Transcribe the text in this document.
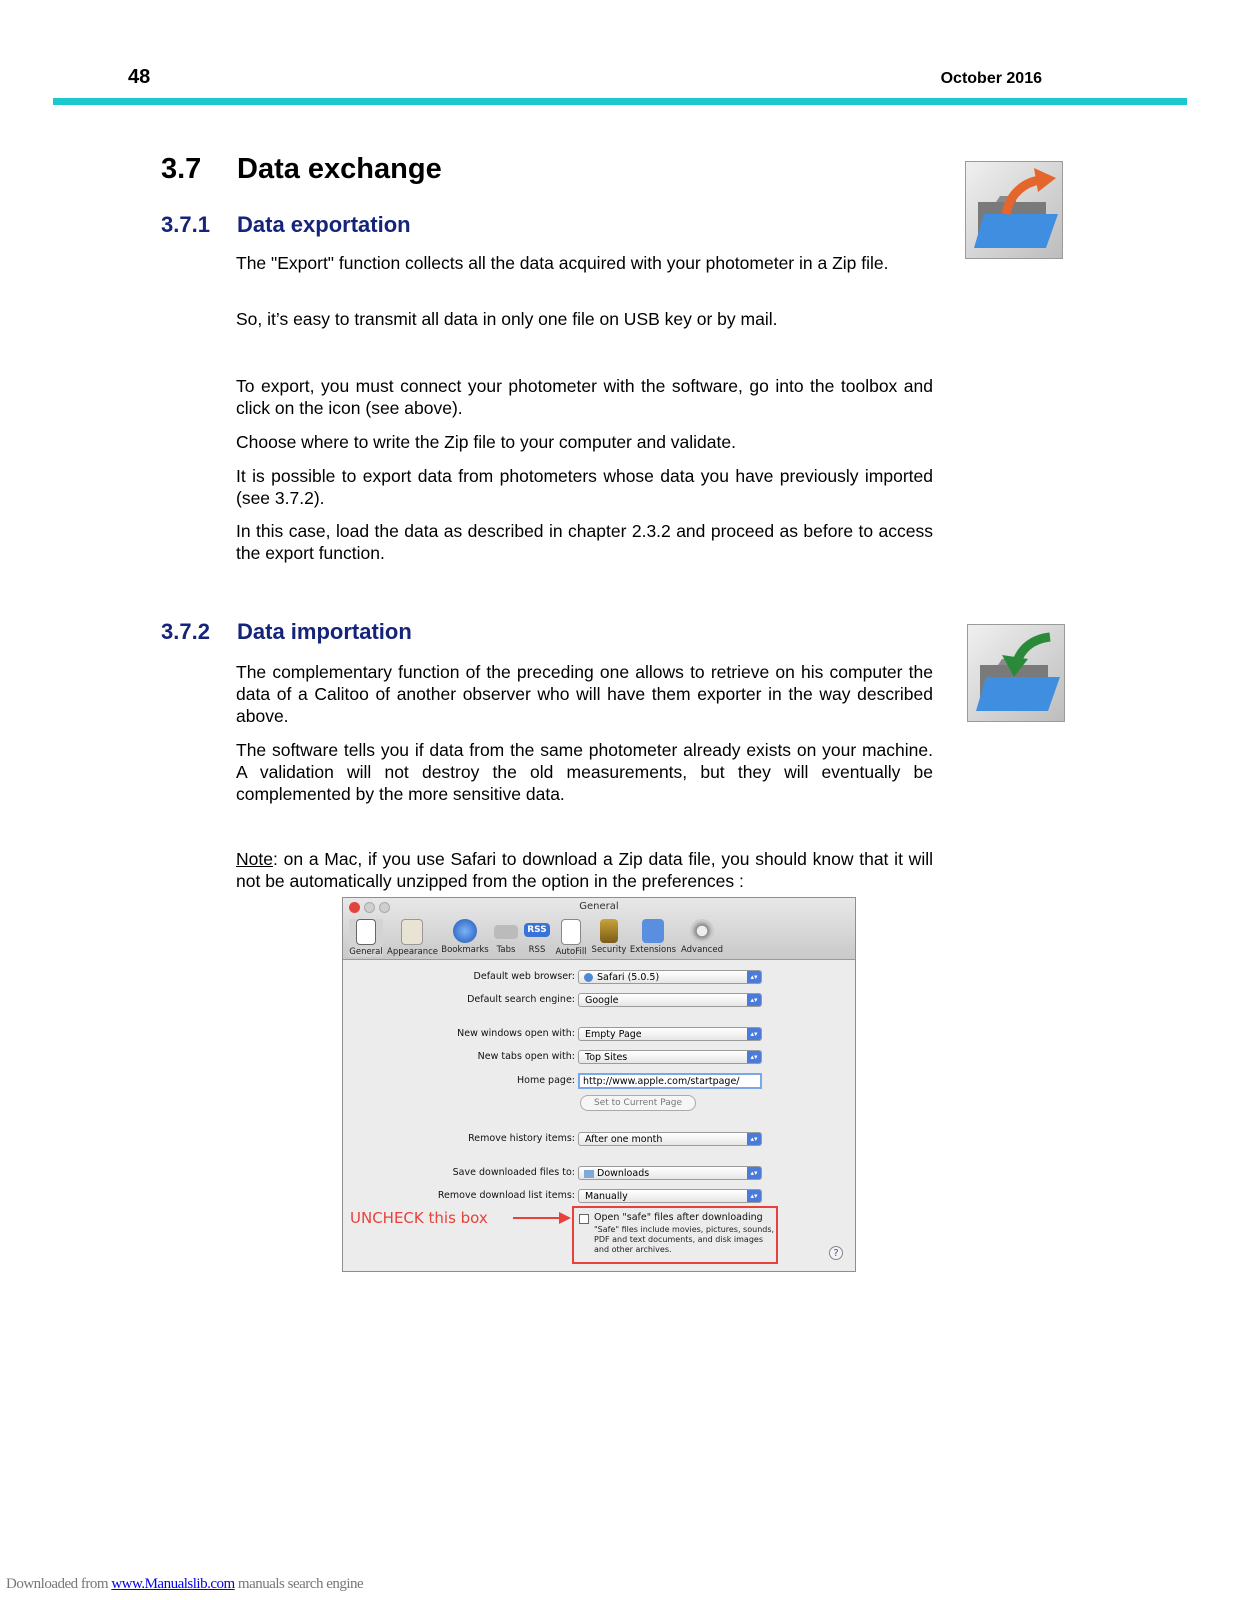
48	October 2016
3.7 Data exchange
3.7.1 Data exportation

The "Export" function collects all the data acquired with your photometer in a Zip file.

So, it’s easy to transmit all data in only one file on USB key or by mail.

To export, you must connect your photometer with the software, go into the toolbox and click on the icon (see above).

Choose where to write the Zip file to your computer and validate.

It is possible to export data from photometers whose data you have previously imported (see 3.7.2).

In this case, load the data as described in chapter 2.3.2 and proceed as before to access the export function.

3.7.2 Data importation

The complementary function of the preceding one allows to retrieve on his computer the data of a Calitoo of another observer who will have them exporter in the way described above.

The software tells you if data from the same photometer already exists on your machine. A validation will not destroy the old measurements, but they will eventually be complemented by the more sensitive data.

Note: on a Mac, if you use Safari to download a Zip data file, you should know that it will not be automatically unzipped from the option in the preferences :

General
General Appearance Bookmarks Tabs
RSS
RSS	AutoFill Security Extensions Advanced
Default web browser:	Safari (5.0.5)	▴▾
Default search engine:	Google	▴▾
New windows open with:	Empty Page	▴▾
New tabs open with:	Top Sites	▴▾
Home page: http://www.apple.com/startpage/
Set to Current Page
Remove history items:	After one month	▴▾
Save downloaded files to:	Downloads	▴▾
Remove download list items:	Manually	▴▾
Open "safe" files after downloading
"Safe" files include movies, pictures, sounds, PDF and text documents, and disk images and other archives.
UNCHECK this box
?
Downloaded from www.Manualslib.com manuals search engine
